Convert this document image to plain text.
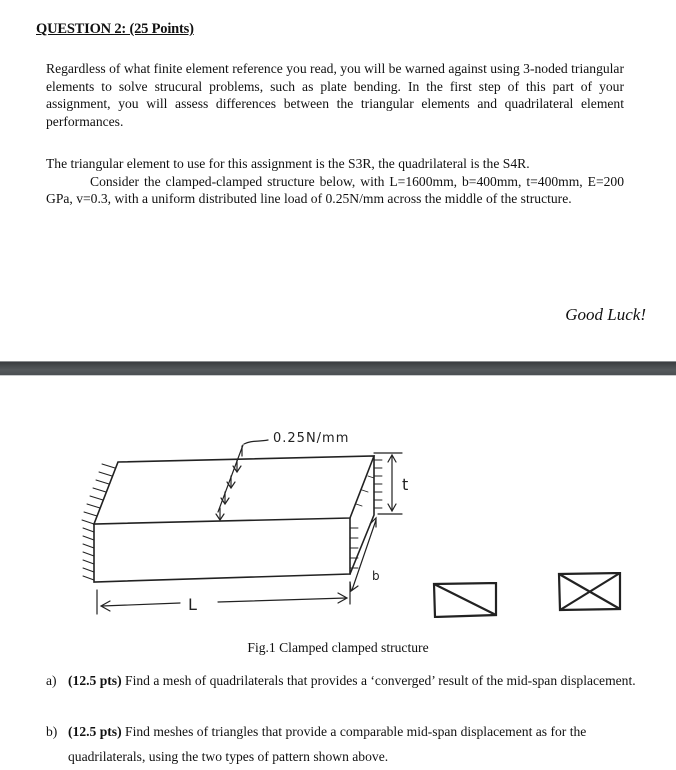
QUESTION 2: (25 Points)
Regardless of what finite element reference you read, you will be warned against using 3-noded triangular elements to solve strucural problems, such as plate bending. In the first step of this part of your assignment, you will assess differences between the triangular elements and quadrilateral element performances.
The triangular element to use for this assignment is the S3R, the quadrilateral is the S4R.
Consider the clamped-clamped structure below, with L=1600mm, b=400mm, t=400mm, E=200 GPa, v=0.3, with a uniform distributed line load of 0.25N/mm across the middle of the structure.
Good Luck!
0.25N/mm
t
b
L
Fig.1 Clamped clamped structure
a) (12.5 pts) Find a mesh of quadrilaterals that provides a ‘converged’ result of the mid-span displacement.
b) (12.5 pts) Find meshes of triangles that provide a comparable mid-span displacement as for the quadrilaterals, using the two types of pattern shown above.
